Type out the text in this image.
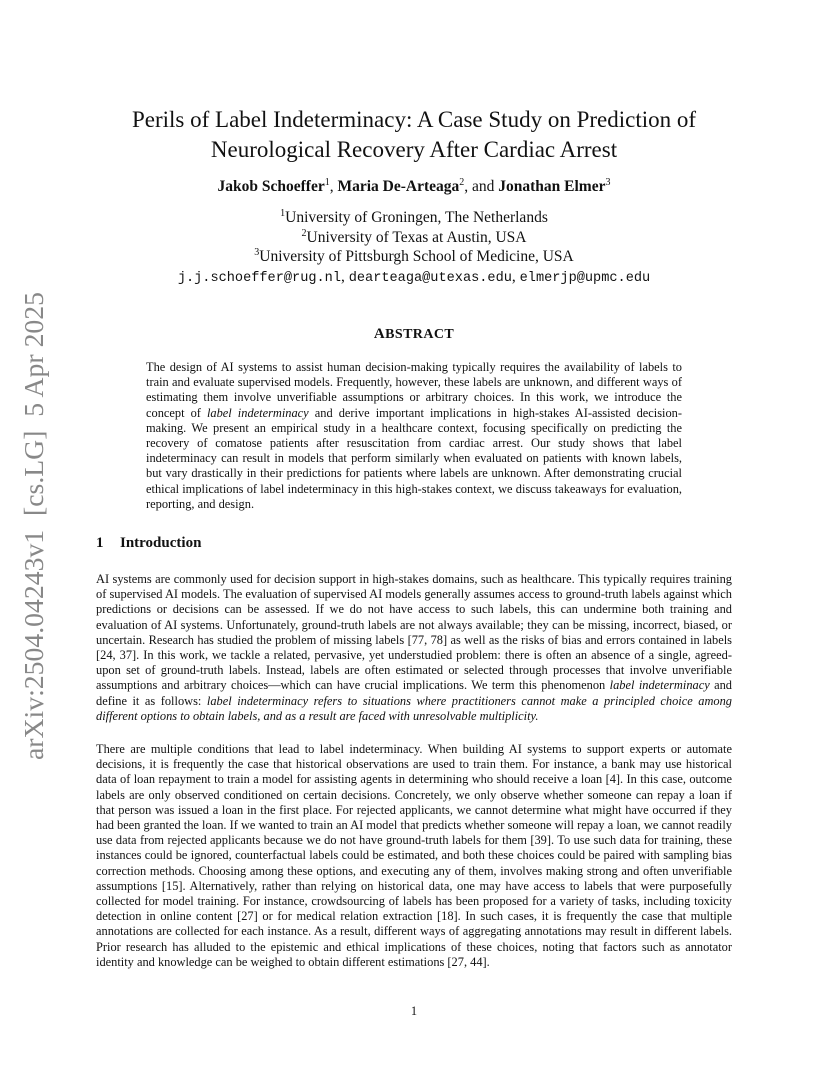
arXiv:2504.04243v1  [cs.LG]  5 Apr 2025
Perils of Label Indeterminacy: A Case Study on Prediction of
Neurological Recovery After Cardiac Arrest
Jakob Schoeffer$^1$, Maria De-Arteaga$^2$, and Jonathan Elmer$^3$
$^1$University of Groningen, The Netherlands
$^2$University of Texas at Austin, USA
$^3$University of Pittsburgh School of Medicine, USA
j.j.schoeffer@rug.nl, dearteaga@utexas.edu, elmerjp@upmc.edu
ABSTRACT
The design of AI systems to assist human decision-making typically requires the availability of labels to train and evaluate supervised models. Frequently, however, these labels are unknown, and different ways of estimating them involve unverifiable assumptions or arbitrary choices. In this work, we introduce the concept of label indeterminacy and derive important implications in high-stakes AI-assisted decision-making. We present an empirical study in a healthcare context, focusing specifically on predicting the recovery of comatose patients after resuscitation from cardiac arrest. Our study shows that label indeterminacy can result in models that perform similarly when evaluated on patients with known labels, but vary drastically in their predictions for patients where labels are unknown. After demonstrating crucial ethical implications of label indeterminacy in this high-stakes context, we discuss takeaways for evaluation, reporting, and design.
1 Introduction
AI systems are commonly used for decision support in high-stakes domains, such as healthcare. This typically requires training of supervised AI models. The evaluation of supervised AI models generally assumes access to ground-truth labels against which predictions or decisions can be assessed. If we do not have access to such labels, this can undermine both training and evaluation of AI systems. Unfortunately, ground-truth labels are not always available; they can be missing, incorrect, biased, or uncertain. Research has studied the problem of missing labels [77, 78] as well as the risks of bias and errors contained in labels [24, 37]. In this work, we tackle a related, pervasive, yet understudied problem: there is often an absence of a single, agreed-upon set of ground-truth labels. Instead, labels are often estimated or selected through processes that involve unverifiable assumptions and arbitrary choices—which can have crucial implications. We term this phenomenon label indeterminacy and define it as follows: label indeterminacy refers to situations where practitioners cannot make a principled choice among different options to obtain labels, and as a result are faced with unresolvable multiplicity.
There are multiple conditions that lead to label indeterminacy. When building AI systems to support experts or automate decisions, it is frequently the case that historical observations are used to train them. For instance, a bank may use historical data of loan repayment to train a model for assisting agents in determining who should receive a loan [4]. In this case, outcome labels are only observed conditioned on certain decisions. Concretely, we only observe whether someone can repay a loan if that person was issued a loan in the first place. For rejected applicants, we cannot determine what might have occurred if they had been granted the loan. If we wanted to train an AI model that predicts whether someone will repay a loan, we cannot readily use data from rejected applicants because we do not have ground-truth labels for them [39]. To use such data for training, these instances could be ignored, counterfactual labels could be estimated, and both these choices could be paired with sampling bias correction methods. Choosing among these options, and executing any of them, involves making strong and often unverifiable assumptions [15]. Alternatively, rather than relying on historical data, one may have access to labels that were purposefully collected for model training. For instance, crowdsourcing of labels has been proposed for a variety of tasks, including toxicity detection in online content [27] or for medical relation extraction [18]. In such cases, it is frequently the case that multiple annotations are collected for each instance. As a result, different ways of aggregating annotations may result in different labels. Prior research has alluded to the epistemic and ethical implications of these choices, noting that factors such as annotator identity and knowledge can be weighed to obtain different estimations [27, 44].
1
